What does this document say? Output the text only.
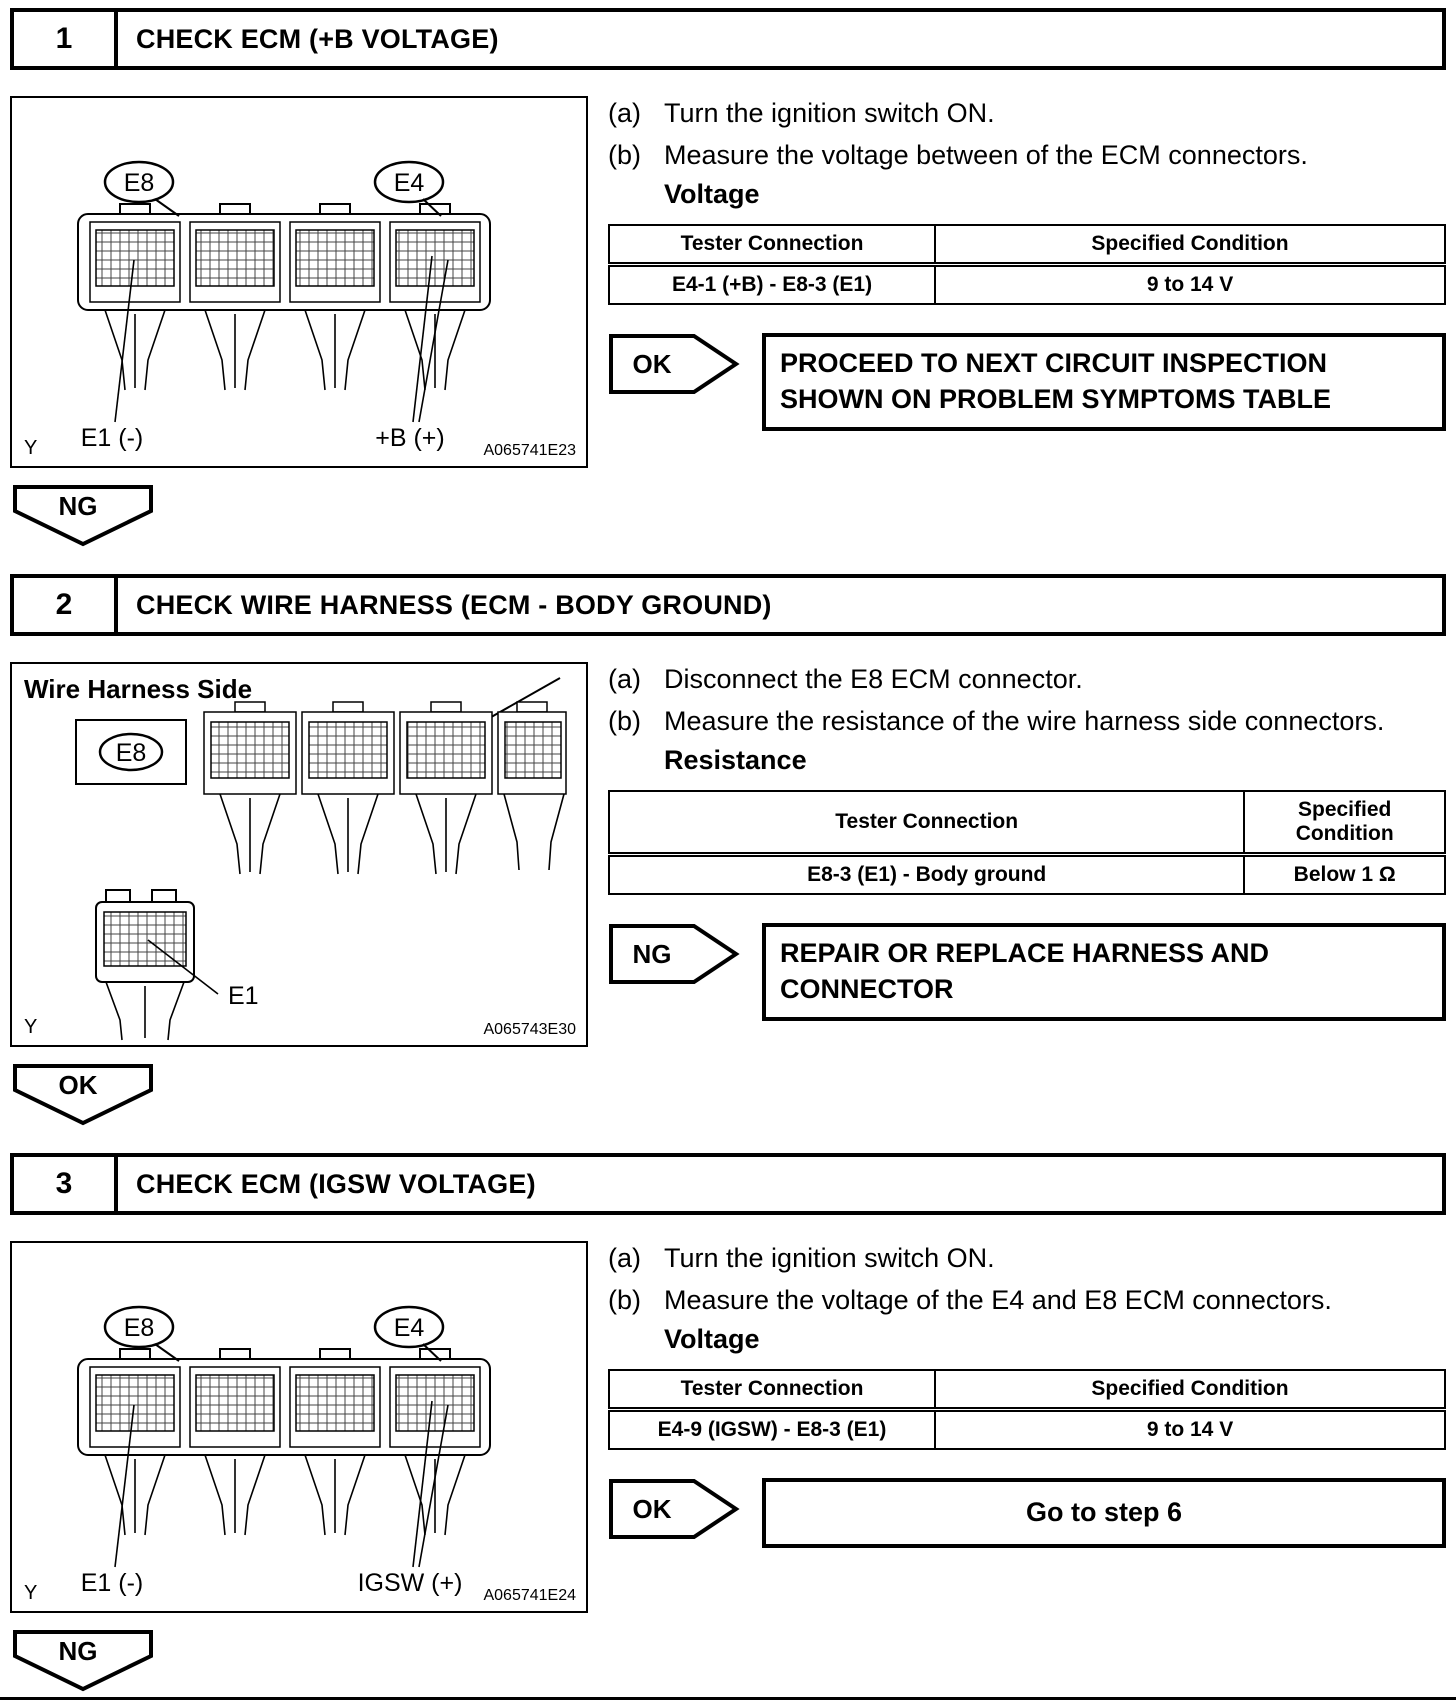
1	CHECK ECM (+B VOLTAGE)
E8	E4
E1 (-)	+B (+)
Y	A065741E23
(a) Turn the ignition switch ON.
(b) Measure the voltage between of the ECM connectors.
Voltage
Tester Connection	Specified Condition
E4-1 (+B) - E8-3 (E1)	9 to 14 V
OK	PROCEED TO NEXT CIRCUIT INSPECTION SHOWN ON PROBLEM SYMPTOMS TABLE
NG
2	CHECK WIRE HARNESS (ECM - BODY GROUND)
E8
E1
Wire Harness Side
Y	A065743E30
(a) Disconnect the E8 ECM connector.
(b) Measure the resistance of the wire harness side connectors.
Resistance
Tester Connection	Specified Condition
E8-3 (E1) - Body ground	Below 1 Ω
NG	REPAIR OR REPLACE HARNESS AND CONNECTOR
OK
3	CHECK ECM (IGSW VOLTAGE)
E8	E4
E1 (-)	IGSW (+)
Y	A065741E24
(a) Turn the ignition switch ON.
(b) Measure the voltage of the E4 and E8 ECM connectors.
Voltage
Tester Connection	Specified Condition
E4-9 (IGSW) - E8-3 (E1)	9 to 14 V
OK	Go to step 6
NG
